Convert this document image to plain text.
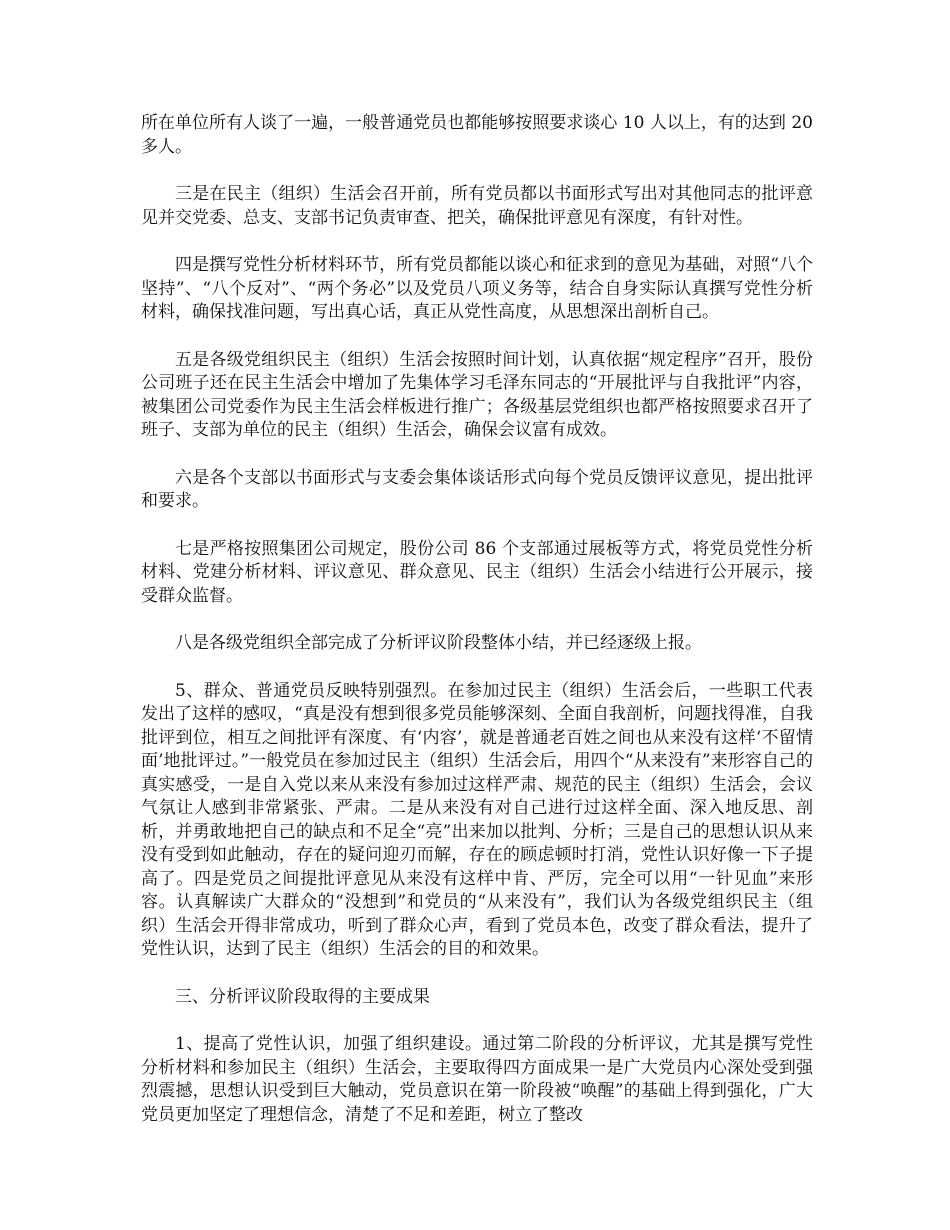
所在单位所有人谈了一遍，一般普通党员也都能够按照要求谈心 10 人以上，有的达到 20 多人。

三是在民主（组织）生活会召开前，所有党员都以书面形式写出对其他同志的批评意见并交党委、总支、支部书记负责审查、把关，确保批评意见有深度，有针对性。

四是撰写党性分析材料环节，所有党员都能以谈心和征求到的意见为基础，对照“八个坚持”、“八个反对”、“两个务必”以及党员八项义务等，结合自身实际认真撰写党性分析材料，确保找准问题，写出真心话，真正从党性高度，从思想深出剖析自己。

五是各级党组织民主（组织）生活会按照时间计划，认真依据“规定程序”召开，股份公司班子还在民主生活会中增加了先集体学习毛泽东同志的“开展批评与自我批评”内容，被集团公司党委作为民主生活会样板进行推广；各级基层党组织也都严格按照要求召开了班子、支部为单位的民主（组织）生活会，确保会议富有成效。

六是各个支部以书面形式与支委会集体谈话形式向每个党员反馈评议意见，提出批评和要求。

七是严格按照集团公司规定，股份公司 86 个支部通过展板等方式，将党员党性分析材料、党建分析材料、评议意见、群众意见、民主（组织）生活会小结进行公开展示，接受群众监督。

八是各级党组织全部完成了分析评议阶段整体小结，并已经逐级上报。

5、群众、普通党员反映特别强烈。在参加过民主（组织）生活会后，一些职工代表发出了这样的感叹，“真是没有想到很多党员能够深刻、全面自我剖析，问题找得准，自我批评到位，相互之间批评有深度、有‘内容’，就是普通老百姓之间也从来没有这样‘不留情面’地批评过。”一般党员在参加过民主（组织）生活会后，用四个“从来没有”来形容自己的真实感受，一是自入党以来从来没有参加过这样严肃、规范的民主（组织）生活会，会议气氛让人感到非常紧张、严肃。二是从来没有对自己进行过这样全面、深入地反思、剖析，并勇敢地把自己的缺点和不足全“亮”出来加以批判、分析；三是自己的思想认识从来没有受到如此触动，存在的疑问迎刃而解，存在的顾虑顿时打消，党性认识好像一下子提高了。四是党员之间提批评意见从来没有这样中肯、严厉，完全可以用“一针见血”来形容。认真解读广大群众的“没想到”和党员的“从来没有”，我们认为各级党组织民主（组织）生活会开得非常成功，听到了群众心声，看到了党员本色，改变了群众看法，提升了党性认识，达到了民主（组织）生活会的目的和效果。

三、分析评议阶段取得的主要成果

1、提高了党性认识，加强了组织建设。通过第二阶段的分析评议，尤其是撰写党性分析材料和参加民主（组织）生活会，主要取得四方面成果一是广大党员内心深处受到强烈震撼，思想认识受到巨大触动，党员意识在第一阶段被“唤醒”的基础上得到强化，广大党员更加坚定了理想信念，清楚了不足和差距，树立了整改
